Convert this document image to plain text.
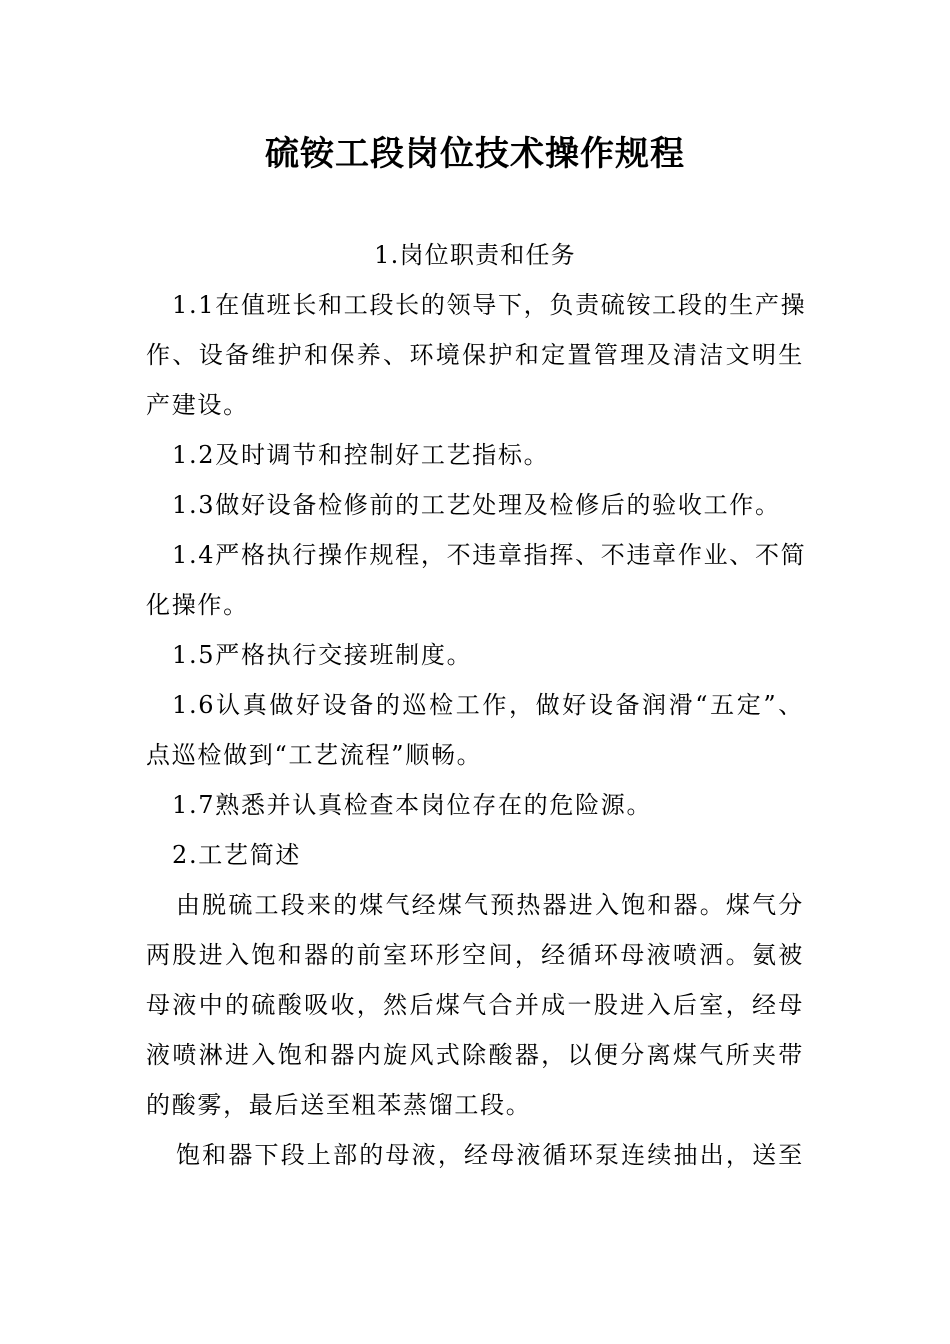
硫铵工段岗位技术操作规程
1.岗位职责和任务
1.1在值班长和工段长的领导下，负责硫铵工段的生产操
作、设备维护和保养、环境保护和定置管理及清洁文明生
产建设。
1.2及时调节和控制好工艺指标。
1.3做好设备检修前的工艺处理及检修后的验收工作。
1.4严格执行操作规程，不违章指挥、不违章作业、不简
化操作。
1.5严格执行交接班制度。
1.6认真做好设备的巡检工作，做好设备润滑“五定”、
点巡检做到“工艺流程”顺畅。
1.7熟悉并认真检查本岗位存在的危险源。
2.工艺简述
由脱硫工段来的煤气经煤气预热器进入饱和器。煤气分
两股进入饱和器的前室环形空间，经循环母液喷洒。氨被
母液中的硫酸吸收，然后煤气合并成一股进入后室，经母
液喷淋进入饱和器内旋风式除酸器，以便分离煤气所夹带
的酸雾，最后送至粗苯蒸馏工段。
饱和器下段上部的母液，经母液循环泵连续抽出，送至
